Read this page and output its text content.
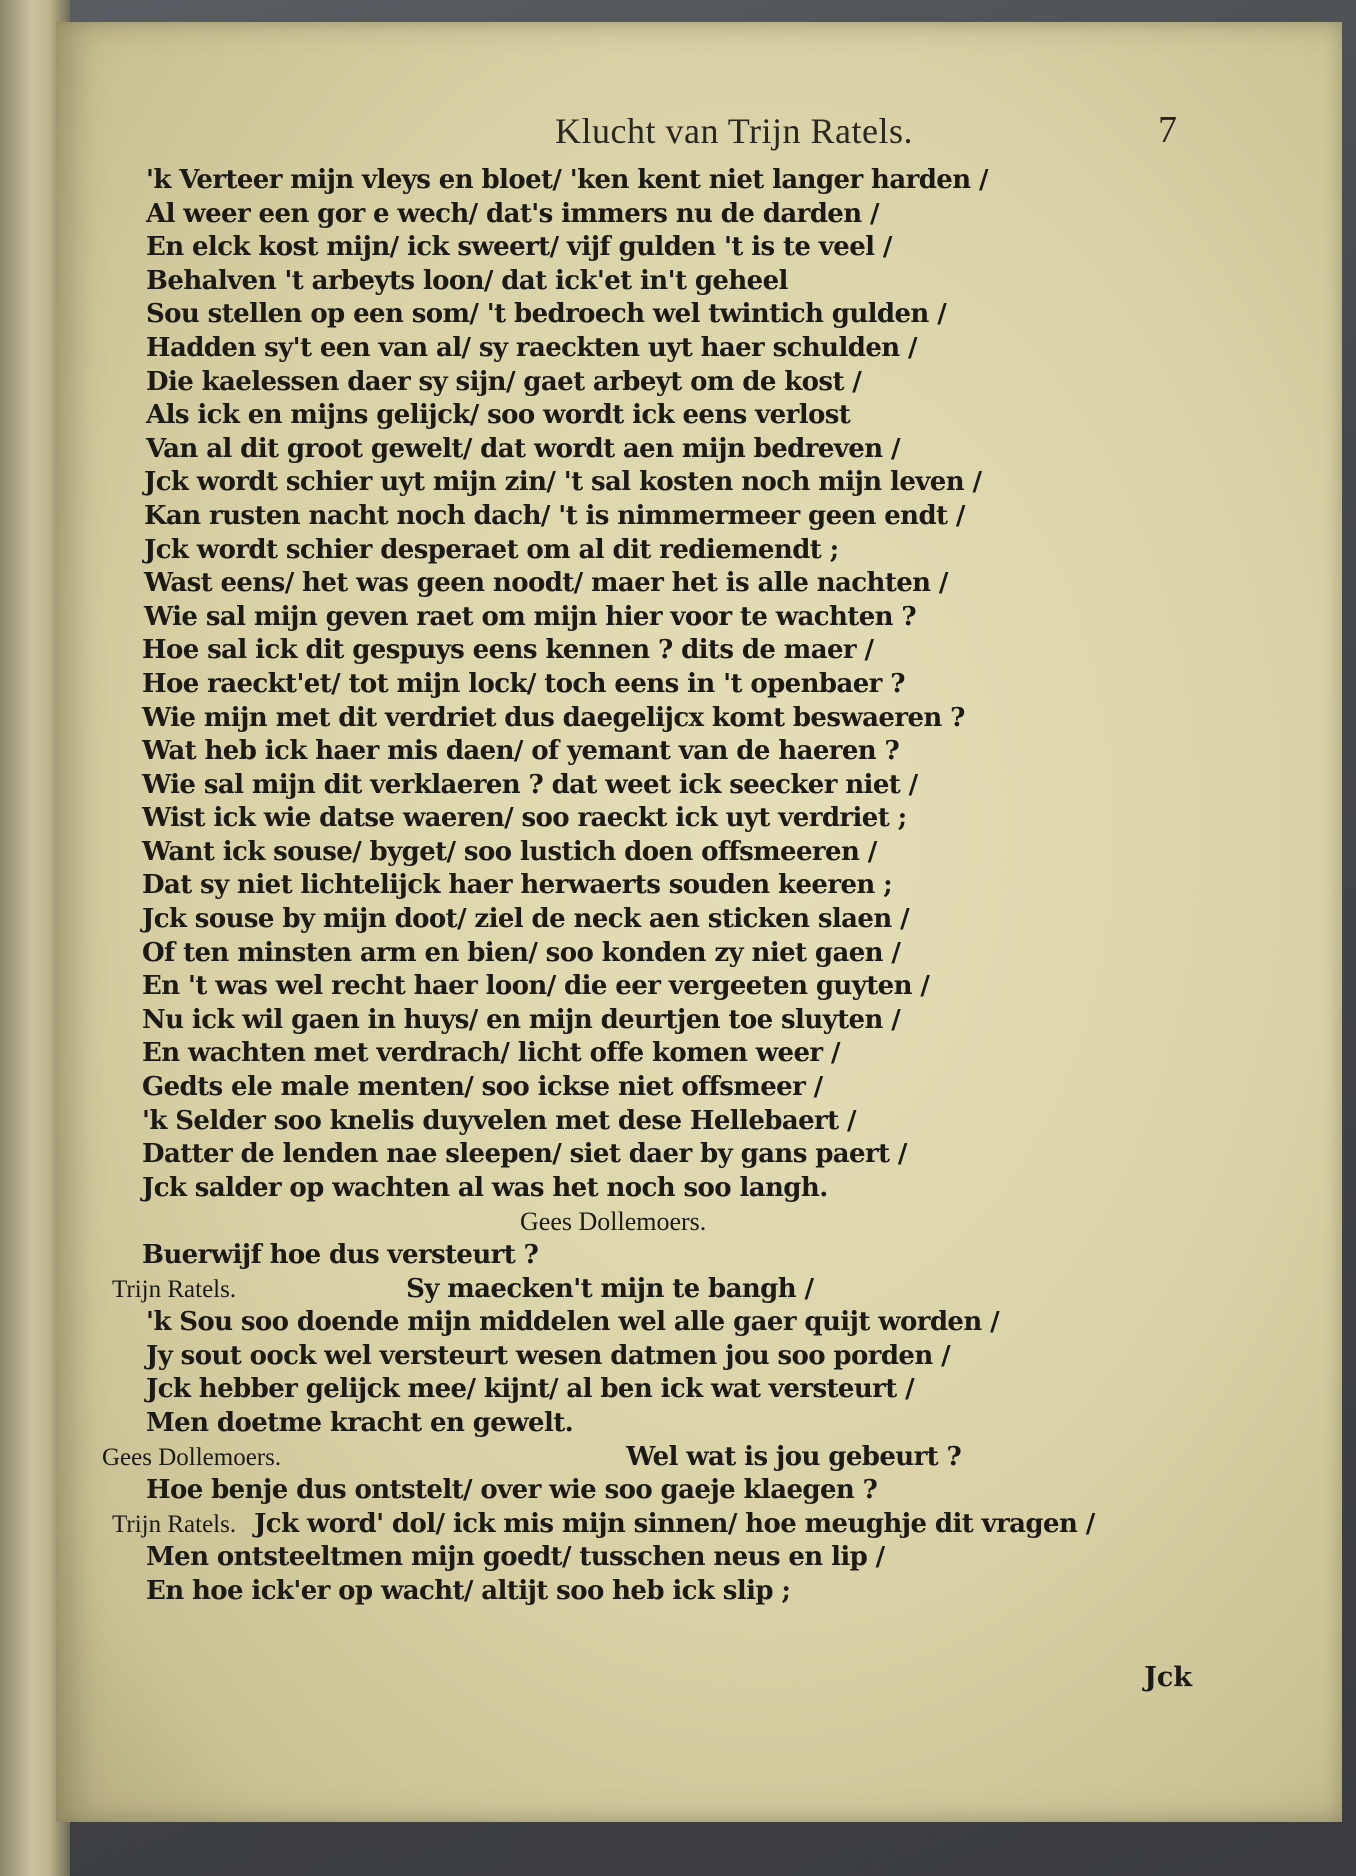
Klucht van Trijn Ratels.	7
'k Verteer mijn vleys en bloet/ 'ken kent niet langer harden /
Al weer een gor e wech/ dat's immers nu de darden /
En elck kost mijn/ ick sweert/ vijf gulden 't is te veel /
Behalven 't arbeyts loon/ dat ick'et in't geheel
Sou stellen op een som/ 't bedroech wel twintich gulden /
Hadden sy't een van al/ sy raeckten uyt haer schulden /
Die kaelessen daer sy sijn/ gaet arbeyt om de kost /
Als ick en mijns gelijck/ soo wordt ick eens verlost
Van al dit groot gewelt/ dat wordt aen mijn bedreven /
Jck wordt schier uyt mijn zin/ 't sal kosten noch mijn leven /
Kan rusten nacht noch dach/ 't is nimmermeer geen endt /
Jck wordt schier desperaet om al dit rediemendt ;
Wast eens/ het was geen noodt/ maer het is alle nachten /
Wie sal mijn geven raet om mijn hier voor te wachten ?
Hoe sal ick dit gespuys eens kennen ? dits de maer /
Hoe raeckt'et/ tot mijn lock/ toch eens in 't openbaer ?
Wie mijn met dit verdriet dus daegelijcx komt beswaeren ?
Wat heb ick haer mis daen/ of yemant van de haeren ?
Wie sal mijn dit verklaeren ? dat weet ick seecker niet /
Wist ick wie datse waeren/ soo raeckt ick uyt verdriet ;
Want ick souse/ byget/ soo lustich doen offsmeeren /
Dat sy niet lichtelijck haer herwaerts souden keeren ;
Jck souse by mijn doot/ ziel de neck aen sticken slaen /
Of ten minsten arm en bien/ soo konden zy niet gaen /
En 't was wel recht haer loon/ die eer vergeeten guyten /
Nu ick wil gaen in huys/ en mijn deurtjen toe sluyten /
En wachten met verdrach/ licht offe komen weer /
Gedts ele male menten/ soo ickse niet offsmeer /
'k Selder soo knelis duyvelen met dese Hellebaert /
Datter de lenden nae sleepen/ siet daer by gans paert /
Jck salder op wachten al was het noch soo langh.
Gees Dollemoers.
Buerwijf hoe dus versteurt ?
Trijn Ratels.	Sy maecken't mijn te bangh /
'k Sou soo doende mijn middelen wel alle gaer quijt worden /
Jy sout oock wel versteurt wesen datmen jou soo porden /
Jck hebber gelijck mee/ kijnt/ al ben ick wat versteurt /
Men doetme kracht en gewelt.
Gees Dollemoers.	Wel wat is jou gebeurt ?
Hoe benje dus ontstelt/ over wie soo gaeje klaegen ?
Trijn Ratels. Jck word' dol/ ick mis mijn sinnen/ hoe meughje dit vragen /
Men ontsteeltmen mijn goedt/ tusschen neus en lip /
En hoe ick'er op wacht/ altijt soo heb ick slip ;
Jck
